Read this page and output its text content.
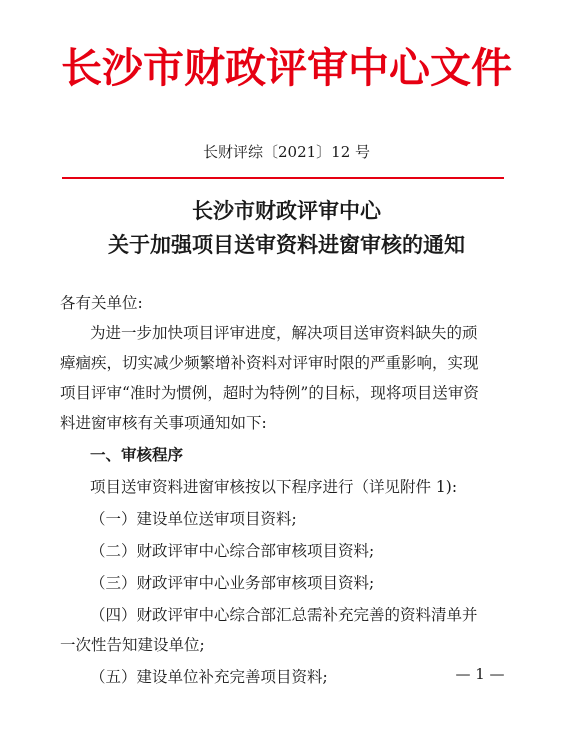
长沙市财政评审中心文件
长财评综〔2021〕12 号
长沙市财政评审中心
关于加强项目送审资料进窗审核的通知
各有关单位:
为进一步加快项目评审进度，解决项目送审资料缺失的顽
瘴痼疾，切实减少频繁增补资料对评审时限的严重影响，实现
项目评审“准时为惯例，超时为特例”的目标，现将项目送审资
料进窗审核有关事项通知如下:
一、审核程序
项目送审资料进窗审核按以下程序进行（详见附件 1):
（一）建设单位送审项目资料;
（二）财政评审中心综合部审核项目资料;
（三）财政评审中心业务部审核项目资料;
（四）财政评审中心综合部汇总需补充完善的资料清单并
一次性告知建设单位;
（五）建设单位补充完善项目资料;	— 1 —
